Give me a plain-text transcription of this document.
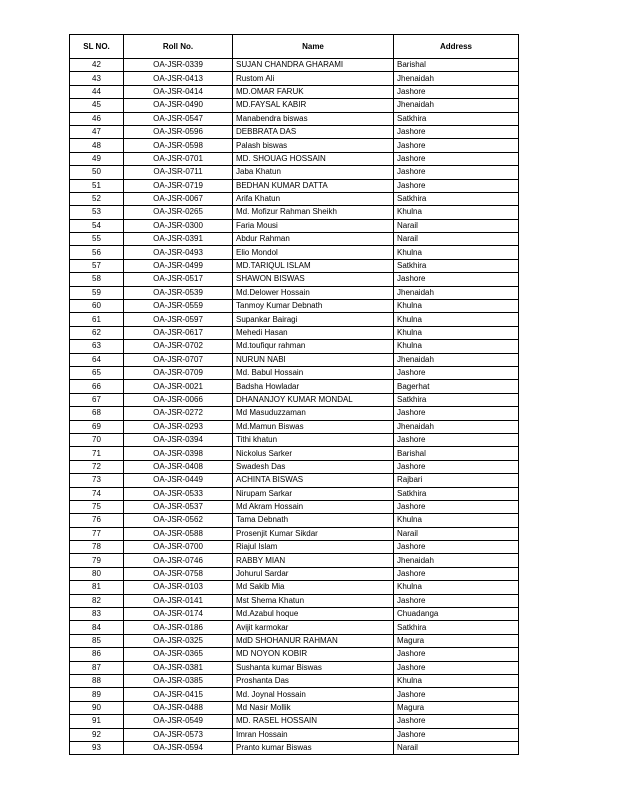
SL NO.	Roll No.	Name	Address
42	OA-JSR-0339	SUJAN CHANDRA GHARAMI	Barishal
43	OA-JSR-0413	Rustom Ali	Jhenaidah
44	OA-JSR-0414	MD.OMAR FARUK	Jashore
45	OA-JSR-0490	MD.FAYSAL KABIR	Jhenaidah
46	OA-JSR-0547	Manabendra biswas	Satkhira
47	OA-JSR-0596	DEBBRATA DAS	Jashore
48	OA-JSR-0598	Palash biswas	Jashore
49	OA-JSR-0701	MD. SHOUAG HOSSAIN	Jashore
50	OA-JSR-0711	Jaba Khatun	Jashore
51	OA-JSR-0719	BEDHAN KUMAR DATTA	Jashore
52	OA-JSR-0067	Arifa Khatun	Satkhira
53	OA-JSR-0265	Md. Mofizur Rahman Sheikh	Khulna
54	OA-JSR-0300	Faria Mousi	Narail
55	OA-JSR-0391	Abdur Rahman	Narail
56	OA-JSR-0493	Elio Mondol	Khulna
57	OA-JSR-0499	MD.TARIQUL ISLAM	Satkhira
58	OA-JSR-0517	SHAWON BISWAS	Jashore
59	OA-JSR-0539	Md.Delower Hossain	Jhenaidah
60	OA-JSR-0559	Tanmoy Kumar Debnath	Khulna
61	OA-JSR-0597	Supankar Bairagi	Khulna
62	OA-JSR-0617	Mehedi Hasan	Khulna
63	OA-JSR-0702	Md.toufiqur rahman	Khulna
64	OA-JSR-0707	NURUN NABI	Jhenaidah
65	OA-JSR-0709	Md. Babul Hossain	Jashore
66	OA-JSR-0021	Badsha Howladar	Bagerhat
67	OA-JSR-0066	DHANANJOY KUMAR MONDAL	Satkhira
68	OA-JSR-0272	Md Masuduzzaman	Jashore
69	OA-JSR-0293	Md.Mamun Biswas	Jhenaidah
70	OA-JSR-0394	Tithi khatun	Jashore
71	OA-JSR-0398	Nickolus Sarker	Barishal
72	OA-JSR-0408	Swadesh Das	Jashore
73	OA-JSR-0449	ACHINTA BISWAS	Rajbari
74	OA-JSR-0533	Nirupam Sarkar	Satkhira
75	OA-JSR-0537	Md Akram Hossain	Jashore
76	OA-JSR-0562	Tama Debnath	Khulna
77	OA-JSR-0588	Prosenjit Kumar Sikdar	Narail
78	OA-JSR-0700	Riajul Islam	Jashore
79	OA-JSR-0746	RABBY MIAN	Jhenaidah
80	OA-JSR-0758	Johurul Sardar	Jashore
81	OA-JSR-0103	Md Sakib Mia	Khulna
82	OA-JSR-0141	Mst Shema Khatun	Jashore
83	OA-JSR-0174	Md.Azabul hoque	Chuadanga
84	OA-JSR-0186	Avijit karmokar	Satkhira
85	OA-JSR-0325	MdD SHOHANUR RAHMAN	Magura
86	OA-JSR-0365	MD NOYON KOBIR	Jashore
87	OA-JSR-0381	Sushanta kumar Biswas	Jashore
88	OA-JSR-0385	Proshanta Das	Khulna
89	OA-JSR-0415	Md. Joynal Hossain	Jashore
90	OA-JSR-0488	Md Nasir Mollik	Magura
91	OA-JSR-0549	MD. RASEL HOSSAIN	Jashore
92	OA-JSR-0573	Imran Hossain	Jashore
93	OA-JSR-0594	Pranto kumar Biswas	Narail
